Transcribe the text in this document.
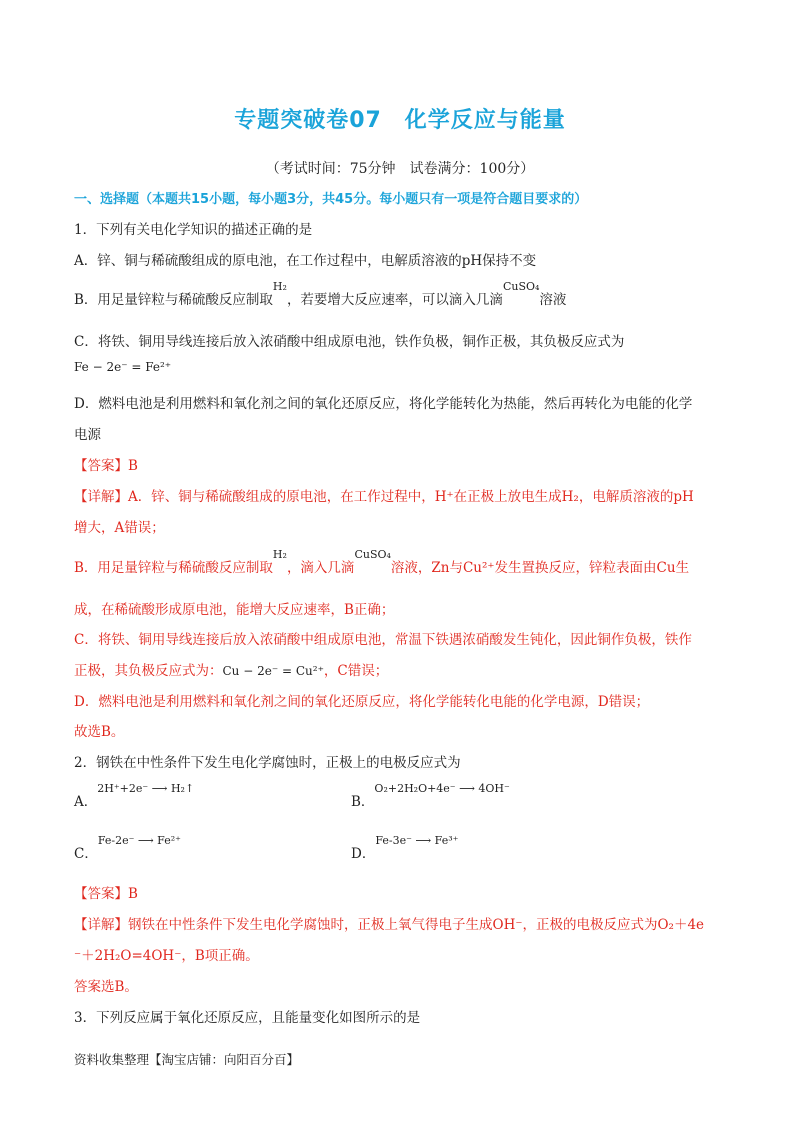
专题突破卷07　化学反应与能量
（考试时间：75分钟　试卷满分：100分）
一、选择题（本题共15小题，每小题3分，共45分。每小题只有一项是符合题目要求的）
1．下列有关电化学知识的描述正确的是
A．锌、铜与稀硫酸组成的原电池，在工作过程中，电解质溶液的pH保持不变
B．用足量锌粒与稀硫酸反应制取$^{H_2}$，若要增大反应速率，可以滴入几滴$^{CuSO_4}$溶液
C．将铁、铜用导线连接后放入浓硝酸中组成原电池，铁作负极，铜作正极，其负极反应式为
Fe − 2e⁻ = Fe²⁺
D．燃料电池是利用燃料和氧化剂之间的氧化还原反应，将化学能转化为热能，然后再转化为电能的化学
电源
【答案】B
【详解】A．锌、铜与稀硫酸组成的原电池，在工作过程中，H⁺在正极上放电生成H₂，电解质溶液的pH
增大，A错误；
B．用足量锌粒与稀硫酸反应制取$^{H_2}$，滴入几滴$^{CuSO_4}$溶液，Zn与Cu²⁺发生置换反应，锌粒表面由Cu生
成，在稀硫酸形成原电池，能增大反应速率，B正确；
C．将铁、铜用导线连接后放入浓硝酸中组成原电池，常温下铁遇浓硝酸发生钝化，因此铜作负极，铁作
正极，其负极反应式为：Cu − 2e⁻ = Cu²⁺，C错误；
D．燃料电池是利用燃料和氧化剂之间的氧化还原反应，将化学能转化电能的化学电源，D错误；
故选B。
2．钢铁在中性条件下发生电化学腐蚀时，正极上的电极反应式为
A．$^{2H^++2e^- ⟶ H_2↑}$
B．$^{O_2+2H_2O+4e^- ⟶ 4OH^-}$
C．$^{Fe-2e^- ⟶ Fe^{2+}}$
D．$^{Fe-3e^- ⟶ Fe^{3+}}$
【答案】B
【详解】钢铁在中性条件下发生电化学腐蚀时，正极上氧气得电子生成OH⁻，正极的电极反应式为O₂＋4e
⁻＋2H₂O=4OH⁻，B项正确。
答案选B。
3．下列反应属于氧化还原反应，且能量变化如图所示的是
资料收集整理【淘宝店铺：向阳百分百】
